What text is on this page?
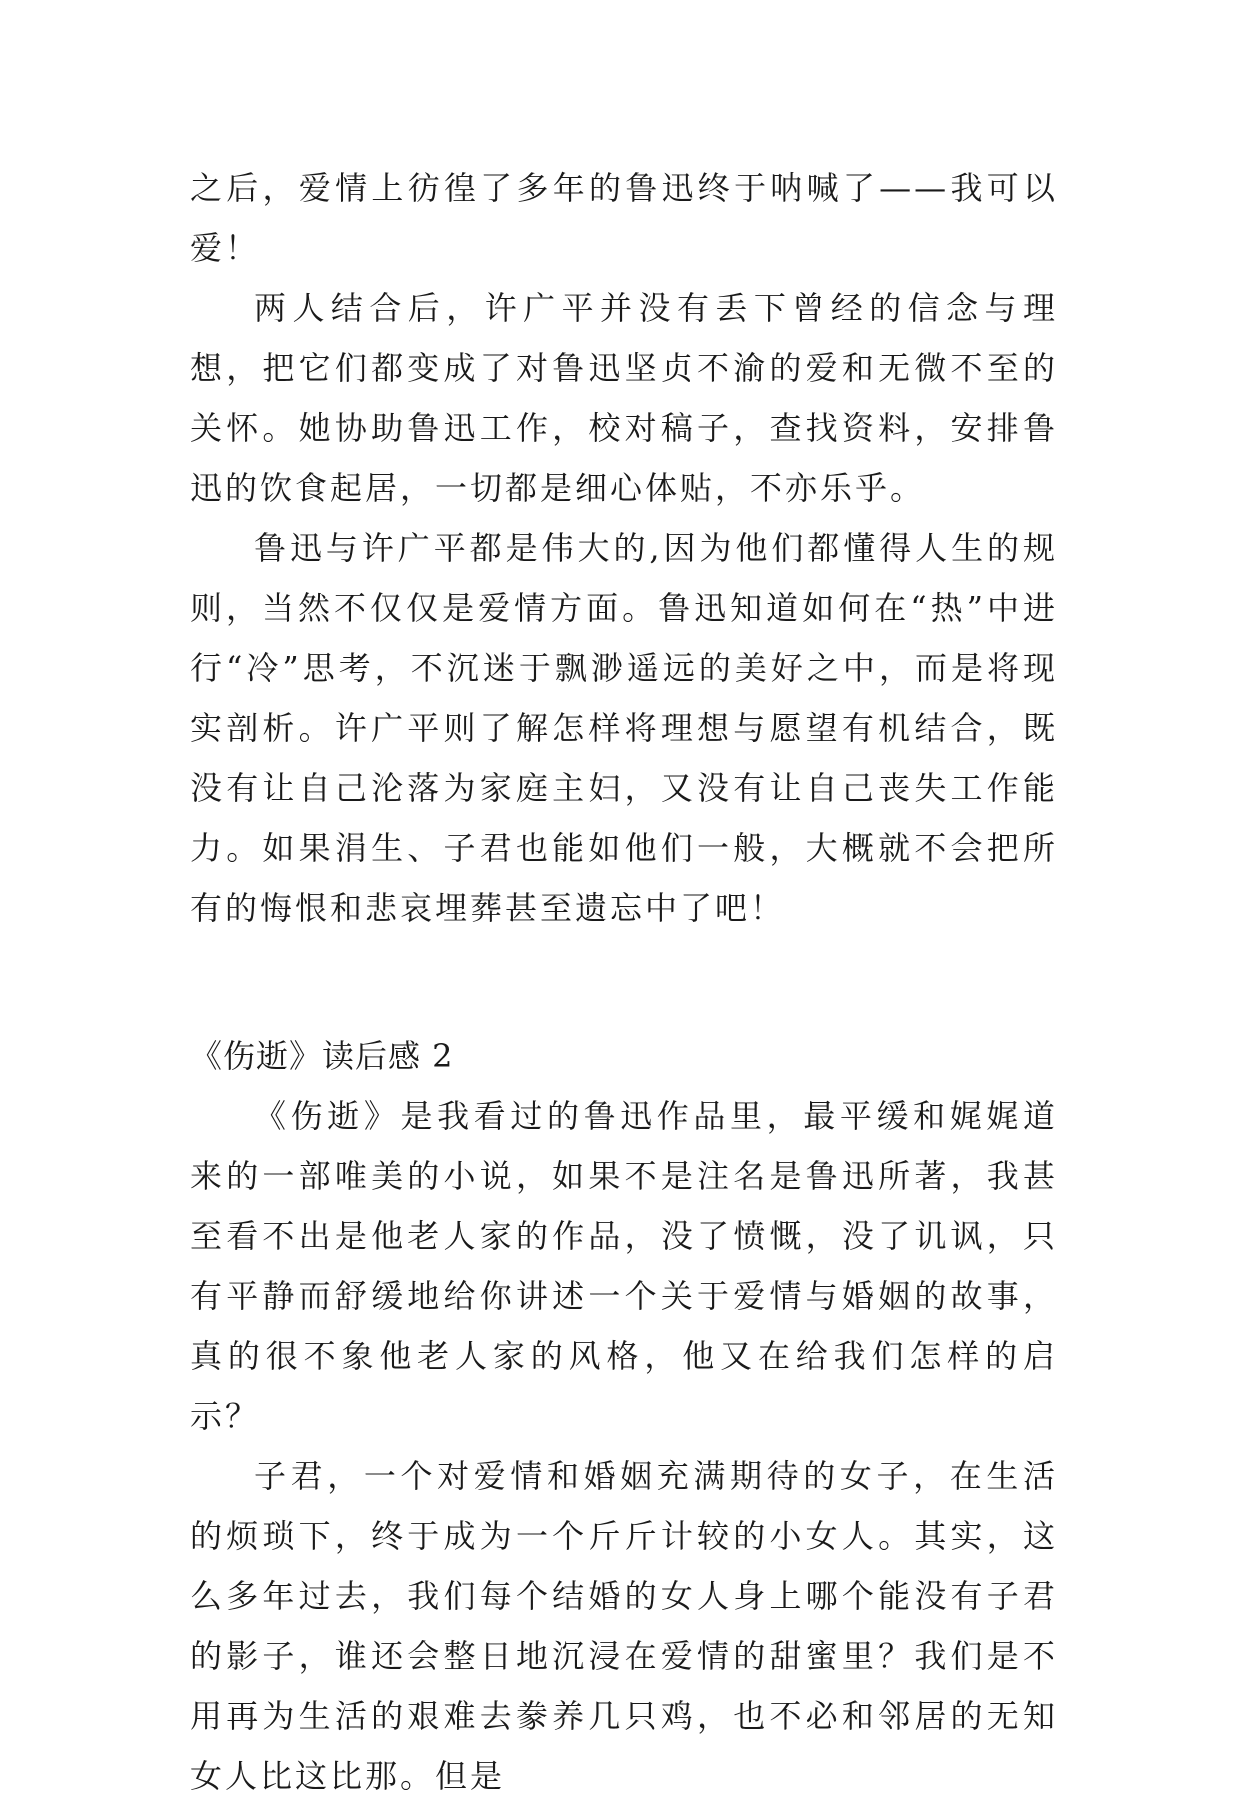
之后，爱情上彷徨了多年的鲁迅终于呐喊了——我可以爱！

两人结合后，许广平并没有丢下曾经的信念与理想，把它们都变成了对鲁迅坚贞不渝的爱和无微不至的关怀。她协助鲁迅工作，校对稿子，查找资料，安排鲁迅的饮食起居，一切都是细心体贴，不亦乐乎。

鲁迅与许广平都是伟大的,因为他们都懂得人生的规则，当然不仅仅是爱情方面。鲁迅知道如何在“热”中进行“冷”思考，不沉迷于飘渺遥远的美好之中，而是将现实剖析。许广平则了解怎样将理想与愿望有机结合，既没有让自己沦落为家庭主妇，又没有让自己丧失工作能力。如果涓生、子君也能如他们一般，大概就不会把所有的悔恨和悲哀埋葬甚至遗忘中了吧！

《伤逝》读后感 2

《伤逝》是我看过的鲁迅作品里，最平缓和娓娓道来的一部唯美的小说，如果不是注名是鲁迅所著，我甚至看不出是他老人家的作品，没了愤慨，没了讥讽，只有平静而舒缓地给你讲述一个关于爱情与婚姻的故事，真的很不象他老人家的风格，他又在给我们怎样的启示？

子君，一个对爱情和婚姻充满期待的女子，在生活的烦琐下，终于成为一个斤斤计较的小女人。其实，这么多年过去，我们每个结婚的女人身上哪个能没有子君的影子，谁还会整日地沉浸在爱情的甜蜜里？我们是不用再为生活的艰难去豢养几只鸡，也不必和邻居的无知女人比这比那。但是
